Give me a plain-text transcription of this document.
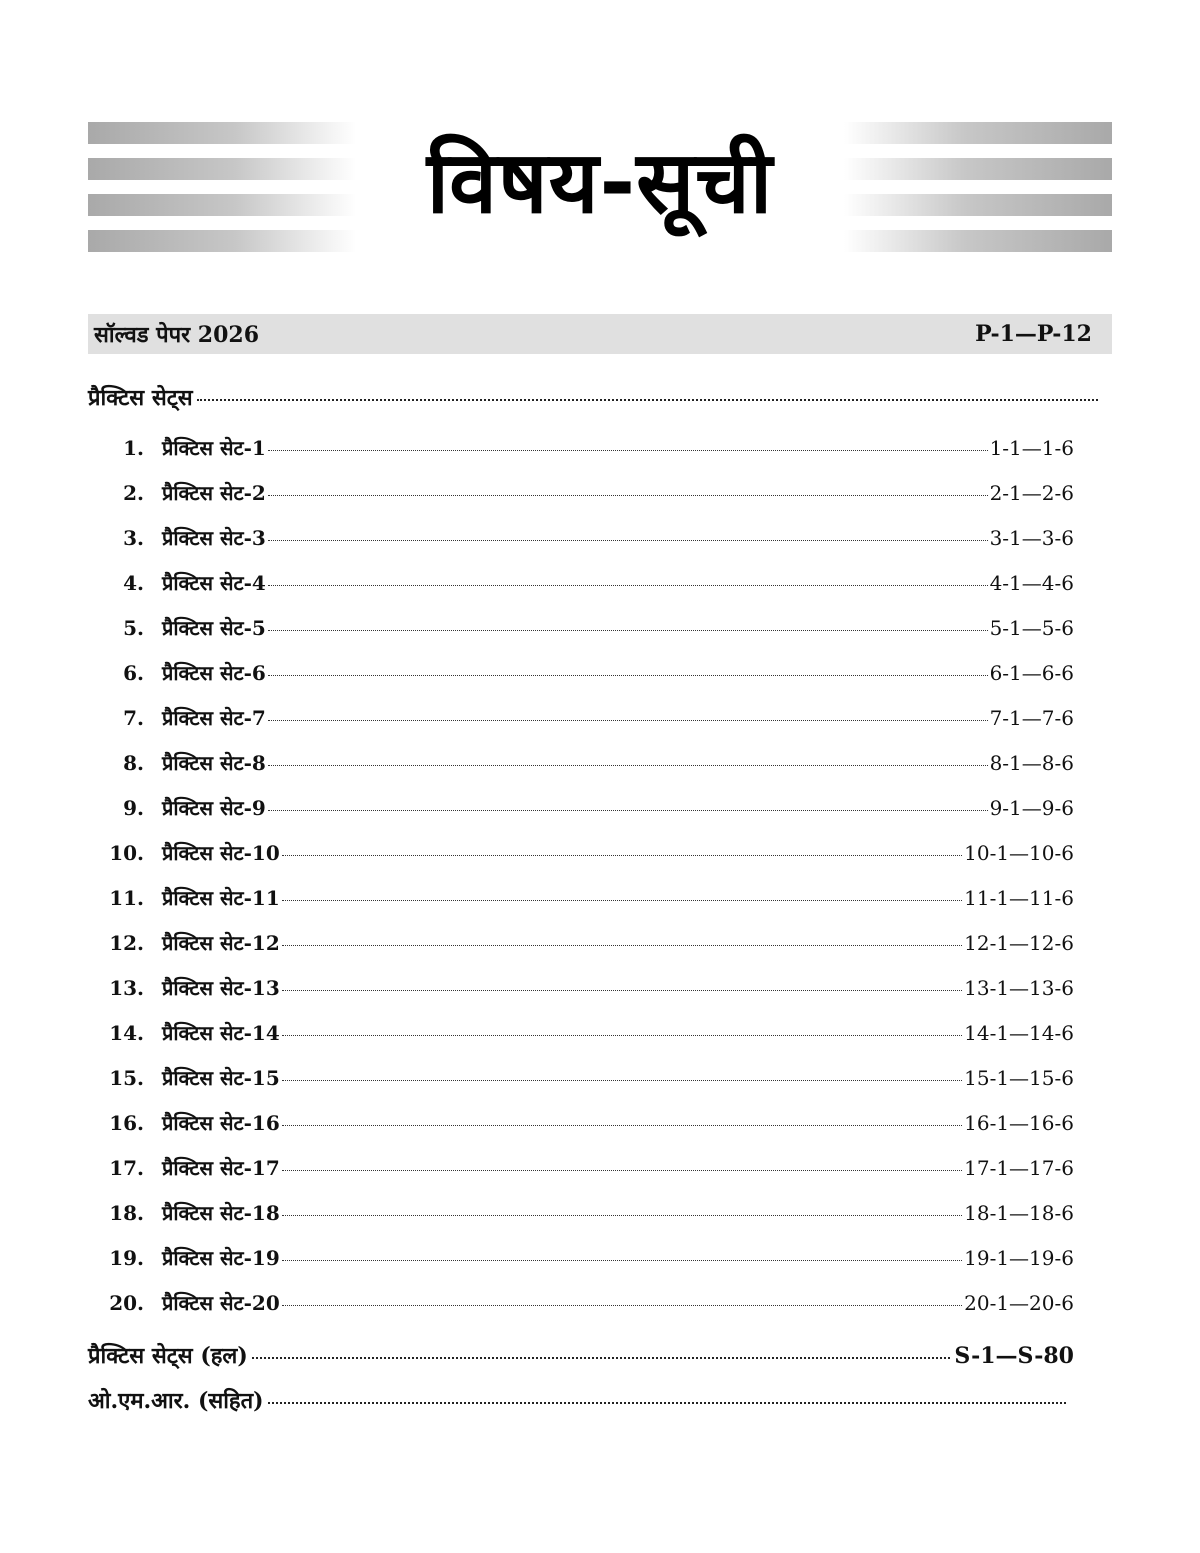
विषय-सूची
सॉल्वड पेपर 2026	P-1—P-12
प्रैक्टिस सेट्स
1. प्रैक्टिस सेट-1	1-1—1-6
2. प्रैक्टिस सेट-2	2-1—2-6
3. प्रैक्टिस सेट-3	3-1—3-6
4. प्रैक्टिस सेट-4	4-1—4-6
5. प्रैक्टिस सेट-5	5-1—5-6
6. प्रैक्टिस सेट-6	6-1—6-6
7. प्रैक्टिस सेट-7	7-1—7-6
8. प्रैक्टिस सेट-8	8-1—8-6
9. प्रैक्टिस सेट-9	9-1—9-6
10. प्रैक्टिस सेट-10	10-1—10-6
11. प्रैक्टिस सेट-11	11-1—11-6
12. प्रैक्टिस सेट-12	12-1—12-6
13. प्रैक्टिस सेट-13	13-1—13-6
14. प्रैक्टिस सेट-14	14-1—14-6
15. प्रैक्टिस सेट-15	15-1—15-6
16. प्रैक्टिस सेट-16	16-1—16-6
17. प्रैक्टिस सेट-17	17-1—17-6
18. प्रैक्टिस सेट-18	18-1—18-6
19. प्रैक्टिस सेट-19	19-1—19-6
20. प्रैक्टिस सेट-20	20-1—20-6
प्रैक्टिस सेट्स (हल)	S-1—S-80
ओ.एम.आर. (सहित)
